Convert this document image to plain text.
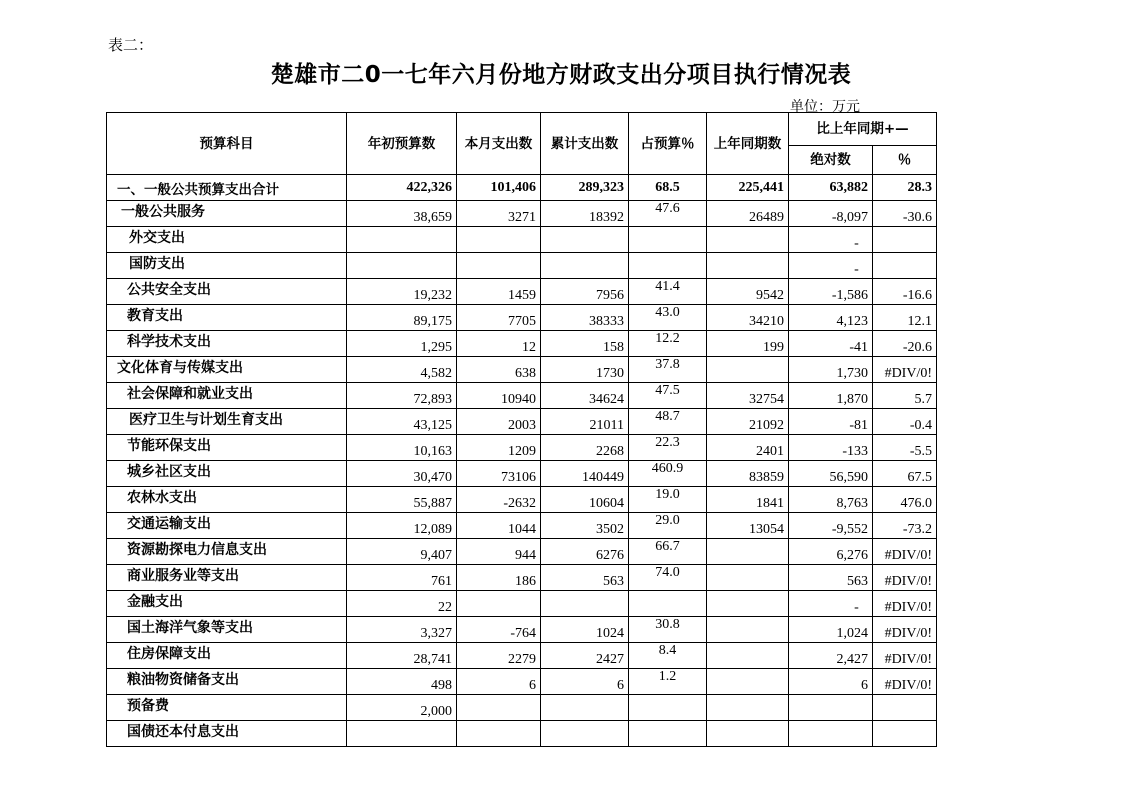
表二：
楚雄市二0一七年六月份地方财政支出分项目执行情况表
单位：万元
预算科目	年初预算数	本月支出数	累计支出数	占预算％	上年同期数	比上年同期+—	
						绝对数	％
一、一般公共预算支出合计	422,326	101,406	289,323	68.5	225,441	63,882	28.3
一般公共服务	38,659	3271	18392	47.6	26489	-8,097	-30.6
外交支出						-	
国防支出						-	
公共安全支出	19,232	1459	7956	41.4	9542	-1,586	-16.6
教育支出	89,175	7705	38333	43.0	34210	4,123	12.1
科学技术支出	1,295	12	158	12.2	199	-41	-20.6
文化体育与传媒支出	4,582	638	1730	37.8		1,730	#DIV/0!
社会保障和就业支出	72,893	10940	34624	47.5	32754	1,870	5.7
医疗卫生与计划生育支出	43,125	2003	21011	48.7	21092	-81	-0.4
节能环保支出	10,163	1209	2268	22.3	2401	-133	-5.5
城乡社区支出	30,470	73106	140449	460.9	83859	56,590	67.5
农林水支出	55,887	-2632	10604	19.0	1841	8,763	476.0
交通运输支出	12,089	1044	3502	29.0	13054	-9,552	-73.2
资源勘探电力信息支出	9,407	944	6276	66.7		6,276	#DIV/0!
商业服务业等支出	761	186	563	74.0		563	#DIV/0!
金融支出	22					-	#DIV/0!
国土海洋气象等支出	3,327	-764	1024	30.8		1,024	#DIV/0!
住房保障支出	28,741	2279	2427	8.4		2,427	#DIV/0!
粮油物资储备支出	498	6	6	1.2		6	#DIV/0!
预备费	2,000						
国债还本付息支出							
